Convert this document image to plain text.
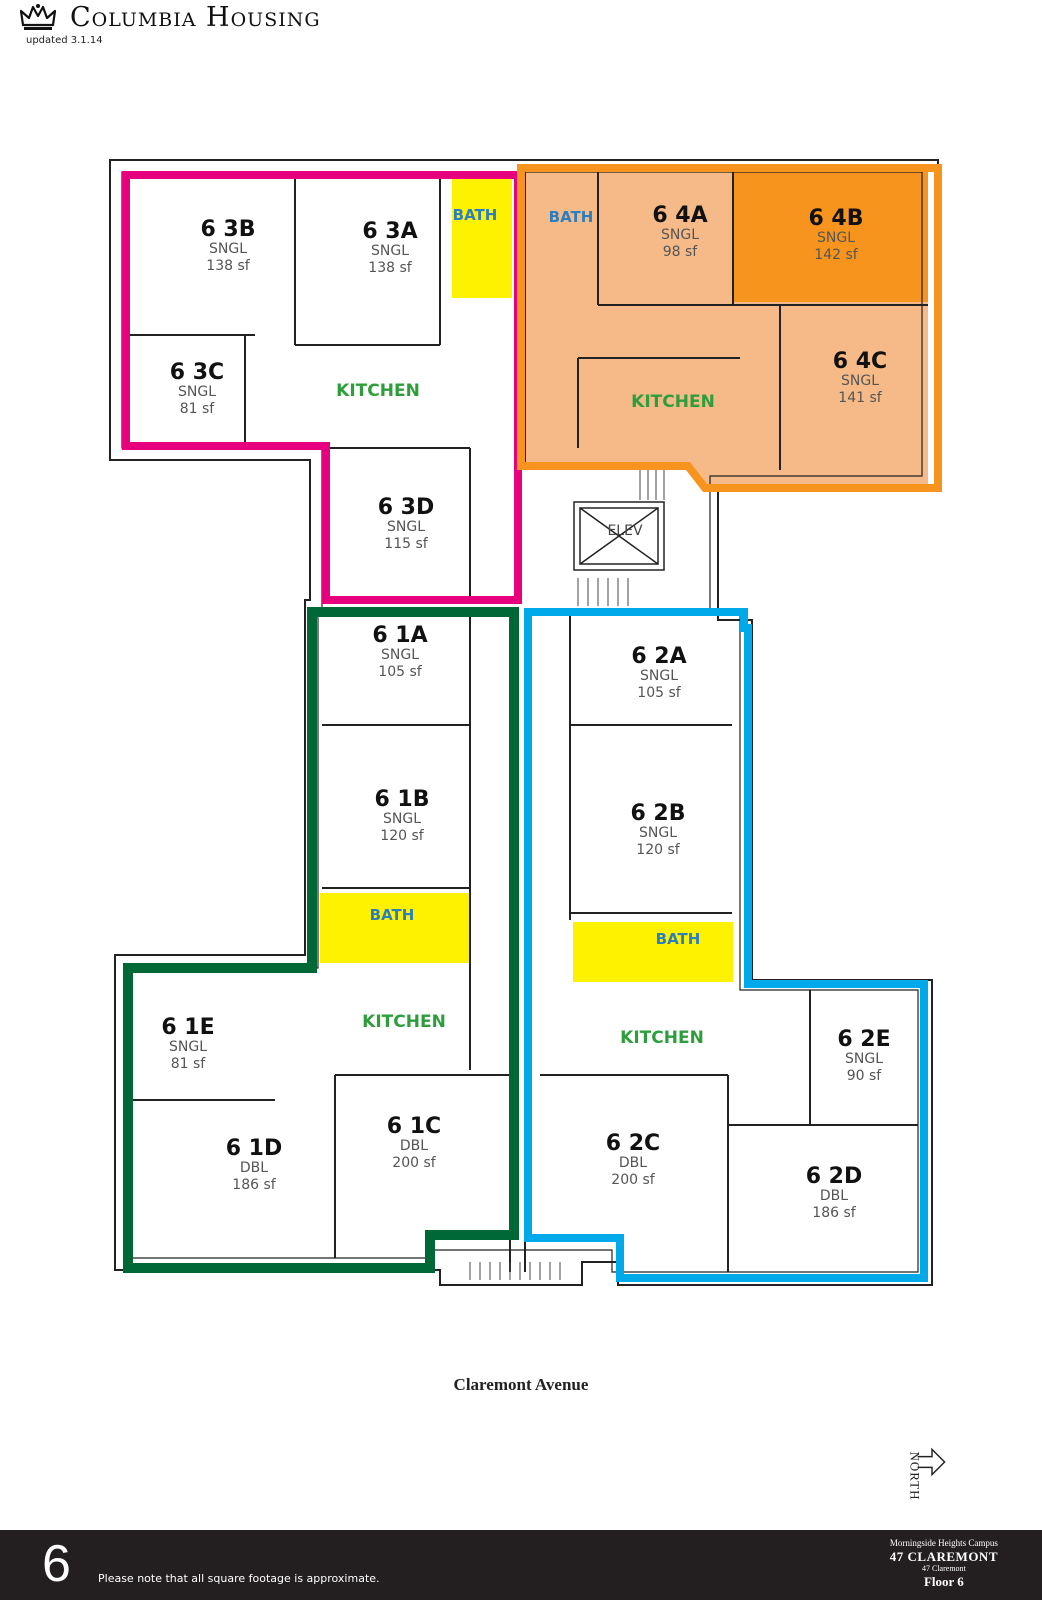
Columbia Housing
updated 3.1.14
6 3B
SNGL
138 sf
6 3A
SNGL
138 sf
6 3C
SNGL
81 sf
6 3D
SNGL
115 sf
6 4A
SNGL
98 sf
6 4B
SNGL
142 sf
6 4C
SNGL
141 sf
6 1A
SNGL
105 sf
6 1B
SNGL
120 sf
6 1E
SNGL
81 sf
6 1D
DBL
186 sf
6 1C
DBL
200 sf
6 2A
SNGL
105 sf
6 2B
SNGL
120 sf
6 2E
SNGL
90 sf
6 2C
DBL
200 sf	6 2D
DBL
186 sf
KITCHEN
KITCHEN
KITCHEN
KITCHEN
BATH	BATH
BATH
BATH
ELEV
Claremont Avenue
NORTH
6 Please note that all square footage is approximate.
Morningside Heights Campus
47 CLAREMONT
47 Claremont
Floor 6
